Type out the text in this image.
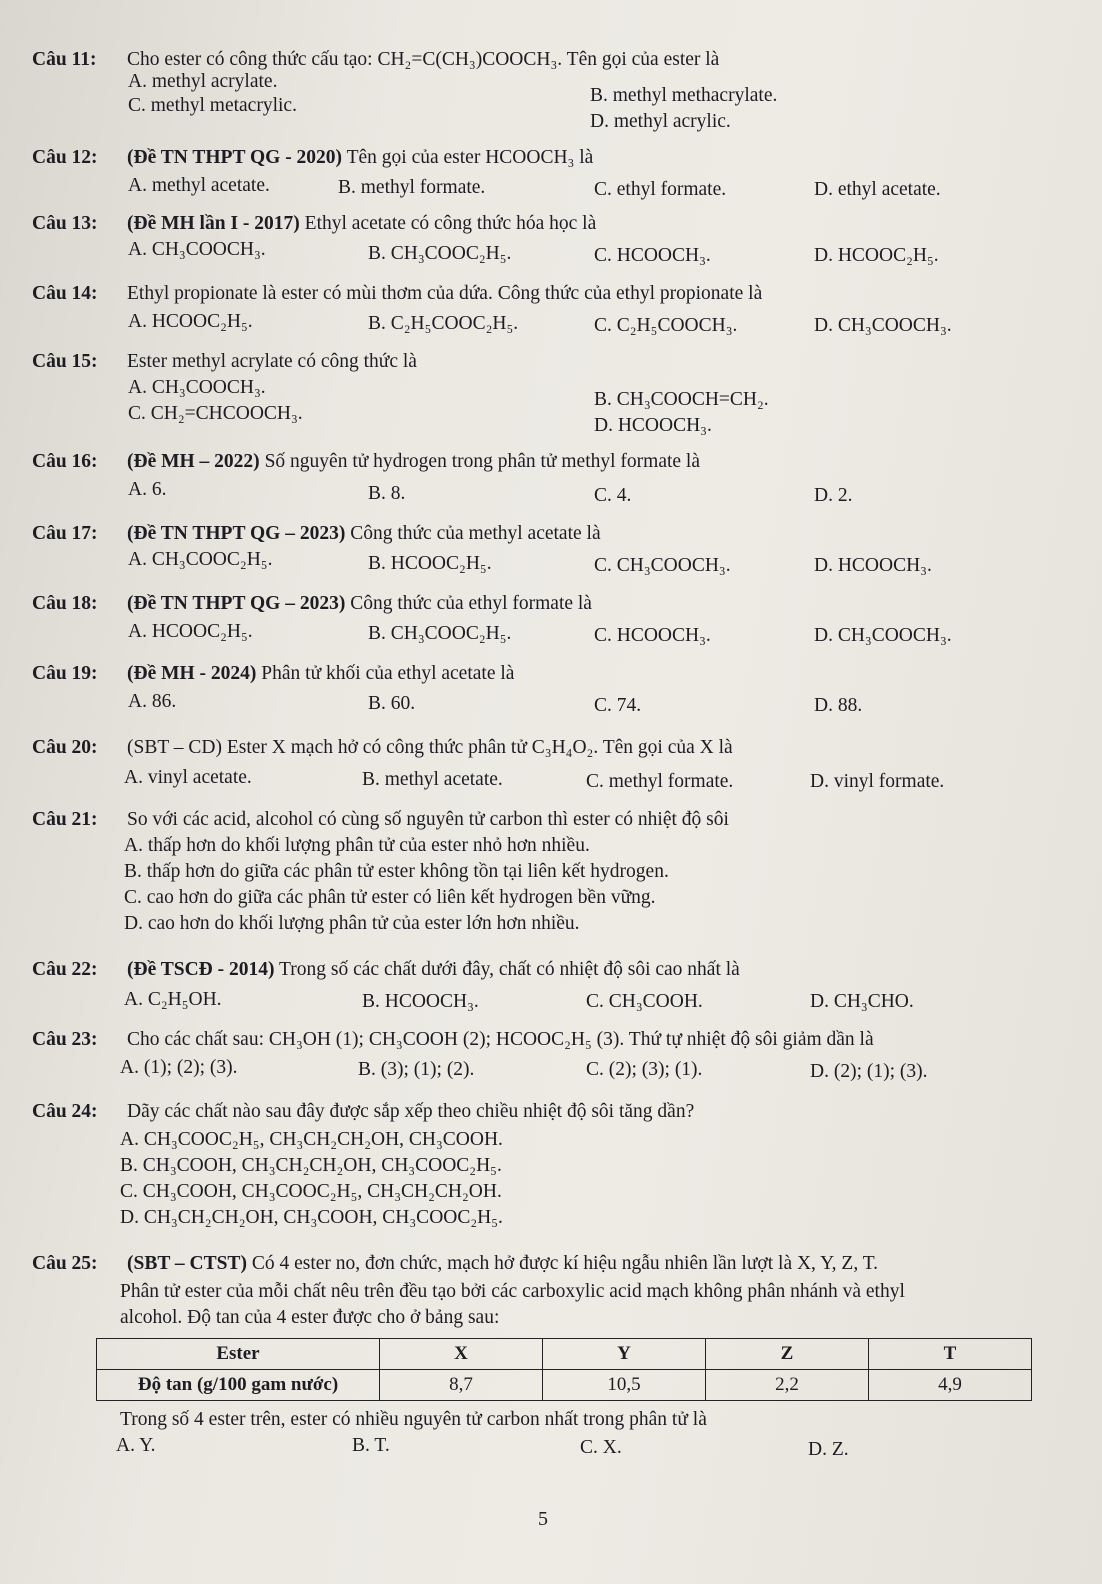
Câu 11: Cho ester có công thức cấu tạo: CH₂=C(CH₃)COOCH₃. Tên gọi của ester là
A. methyl acrylate.
B. methyl methacrylate.
C. methyl metacrylic.
D. methyl acrylic.
Câu 12: (Đề TN THPT QG - 2020) Tên gọi của ester HCOOCH₃ là
A. methyl acetate.	B. methyl formate.	C. ethyl formate.	D. ethyl acetate.
Câu 13: (Đề MH lần I - 2017) Ethyl acetate có công thức hóa học là
A. CH₃COOCH₃.	B. CH₃COOC₂H₅.	C. HCOOCH₃.	D. HCOOC₂H₅.
Câu 14: Ethyl propionate là ester có mùi thơm của dứa. Công thức của ethyl propionate là
A. HCOOC₂H₅.	B. C₂H₅COOC₂H₅.	C. C₂H₅COOCH₃.	D. CH₃COOCH₃.
Câu 15: Ester methyl acrylate có công thức là
A. CH₃COOCH₃.
B. CH₃COOCH=CH₂.
C. CH₂=CHCOOCH₃.
D. HCOOCH₃.
Câu 16: (Đề MH – 2022) Số nguyên tử hydrogen trong phân tử methyl formate là
A. 6.	B. 8.	C. 4.	D. 2.
Câu 17: (Đề TN THPT QG – 2023) Công thức của methyl acetate là
A. CH₃COOC₂H₅.	B. HCOOC₂H₅.	C. CH₃COOCH₃.	D. HCOOCH₃.
Câu 18: (Đề TN THPT QG – 2023) Công thức của ethyl formate là
A. HCOOC₂H₅.	B. CH₃COOC₂H₅.	C. HCOOCH₃.	D. CH₃COOCH₃.
Câu 19: (Đề MH - 2024) Phân tử khối của ethyl acetate là
A. 86.	B. 60.	C. 74.	D. 88.
Câu 20: (SBT – CD) Ester X mạch hở có công thức phân tử C₃H₄O₂. Tên gọi của X là
A. vinyl acetate.	B. methyl acetate.	C. methyl formate.	D. vinyl formate.
Câu 21: So với các acid, alcohol có cùng số nguyên tử carbon thì ester có nhiệt độ sôi
A. thấp hơn do khối lượng phân tử của ester nhỏ hơn nhiều.
B. thấp hơn do giữa các phân tử ester không tồn tại liên kết hydrogen.
C. cao hơn do giữa các phân tử ester có liên kết hydrogen bền vững.
D. cao hơn do khối lượng phân tử của ester lớn hơn nhiều.
Câu 22: (Đề TSCĐ - 2014) Trong số các chất dưới đây, chất có nhiệt độ sôi cao nhất là
A. C₂H₅OH.	B. HCOOCH₃.	C. CH₃COOH.	D. CH₃CHO.
Câu 23: Cho các chất sau: CH₃OH (1); CH₃COOH (2); HCOOC₂H₅ (3). Thứ tự nhiệt độ sôi giảm dần là
A. (1); (2); (3).	B. (3); (1); (2).	C. (2); (3); (1).	D. (2); (1); (3).
Câu 24: Dãy các chất nào sau đây được sắp xếp theo chiều nhiệt độ sôi tăng dần?
A. CH₃COOC₂H₅, CH₃CH₂CH₂OH, CH₃COOH.
B. CH₃COOH, CH₃CH₂CH₂OH, CH₃COOC₂H₅.
C. CH₃COOH, CH₃COOC₂H₅, CH₃CH₂CH₂OH.
D. CH₃CH₂CH₂OH, CH₃COOH, CH₃COOC₂H₅.
Câu 25: (SBT – CTST) Có 4 ester no, đơn chức, mạch hở được kí hiệu ngẫu nhiên lần lượt là X, Y, Z, T.
Phân tử ester của mỗi chất nêu trên đều tạo bởi các carboxylic acid mạch không phân nhánh và ethyl
alcohol. Độ tan của 4 ester được cho ở bảng sau:
Ester	X	Y	Z	T
Độ tan (g/100 gam nước)	8,7	10,5	2,2	4,9
Trong số 4 ester trên, ester có nhiều nguyên tử carbon nhất trong phân tử là
A. Y.	B. T.	C. X.	D. Z.
5
